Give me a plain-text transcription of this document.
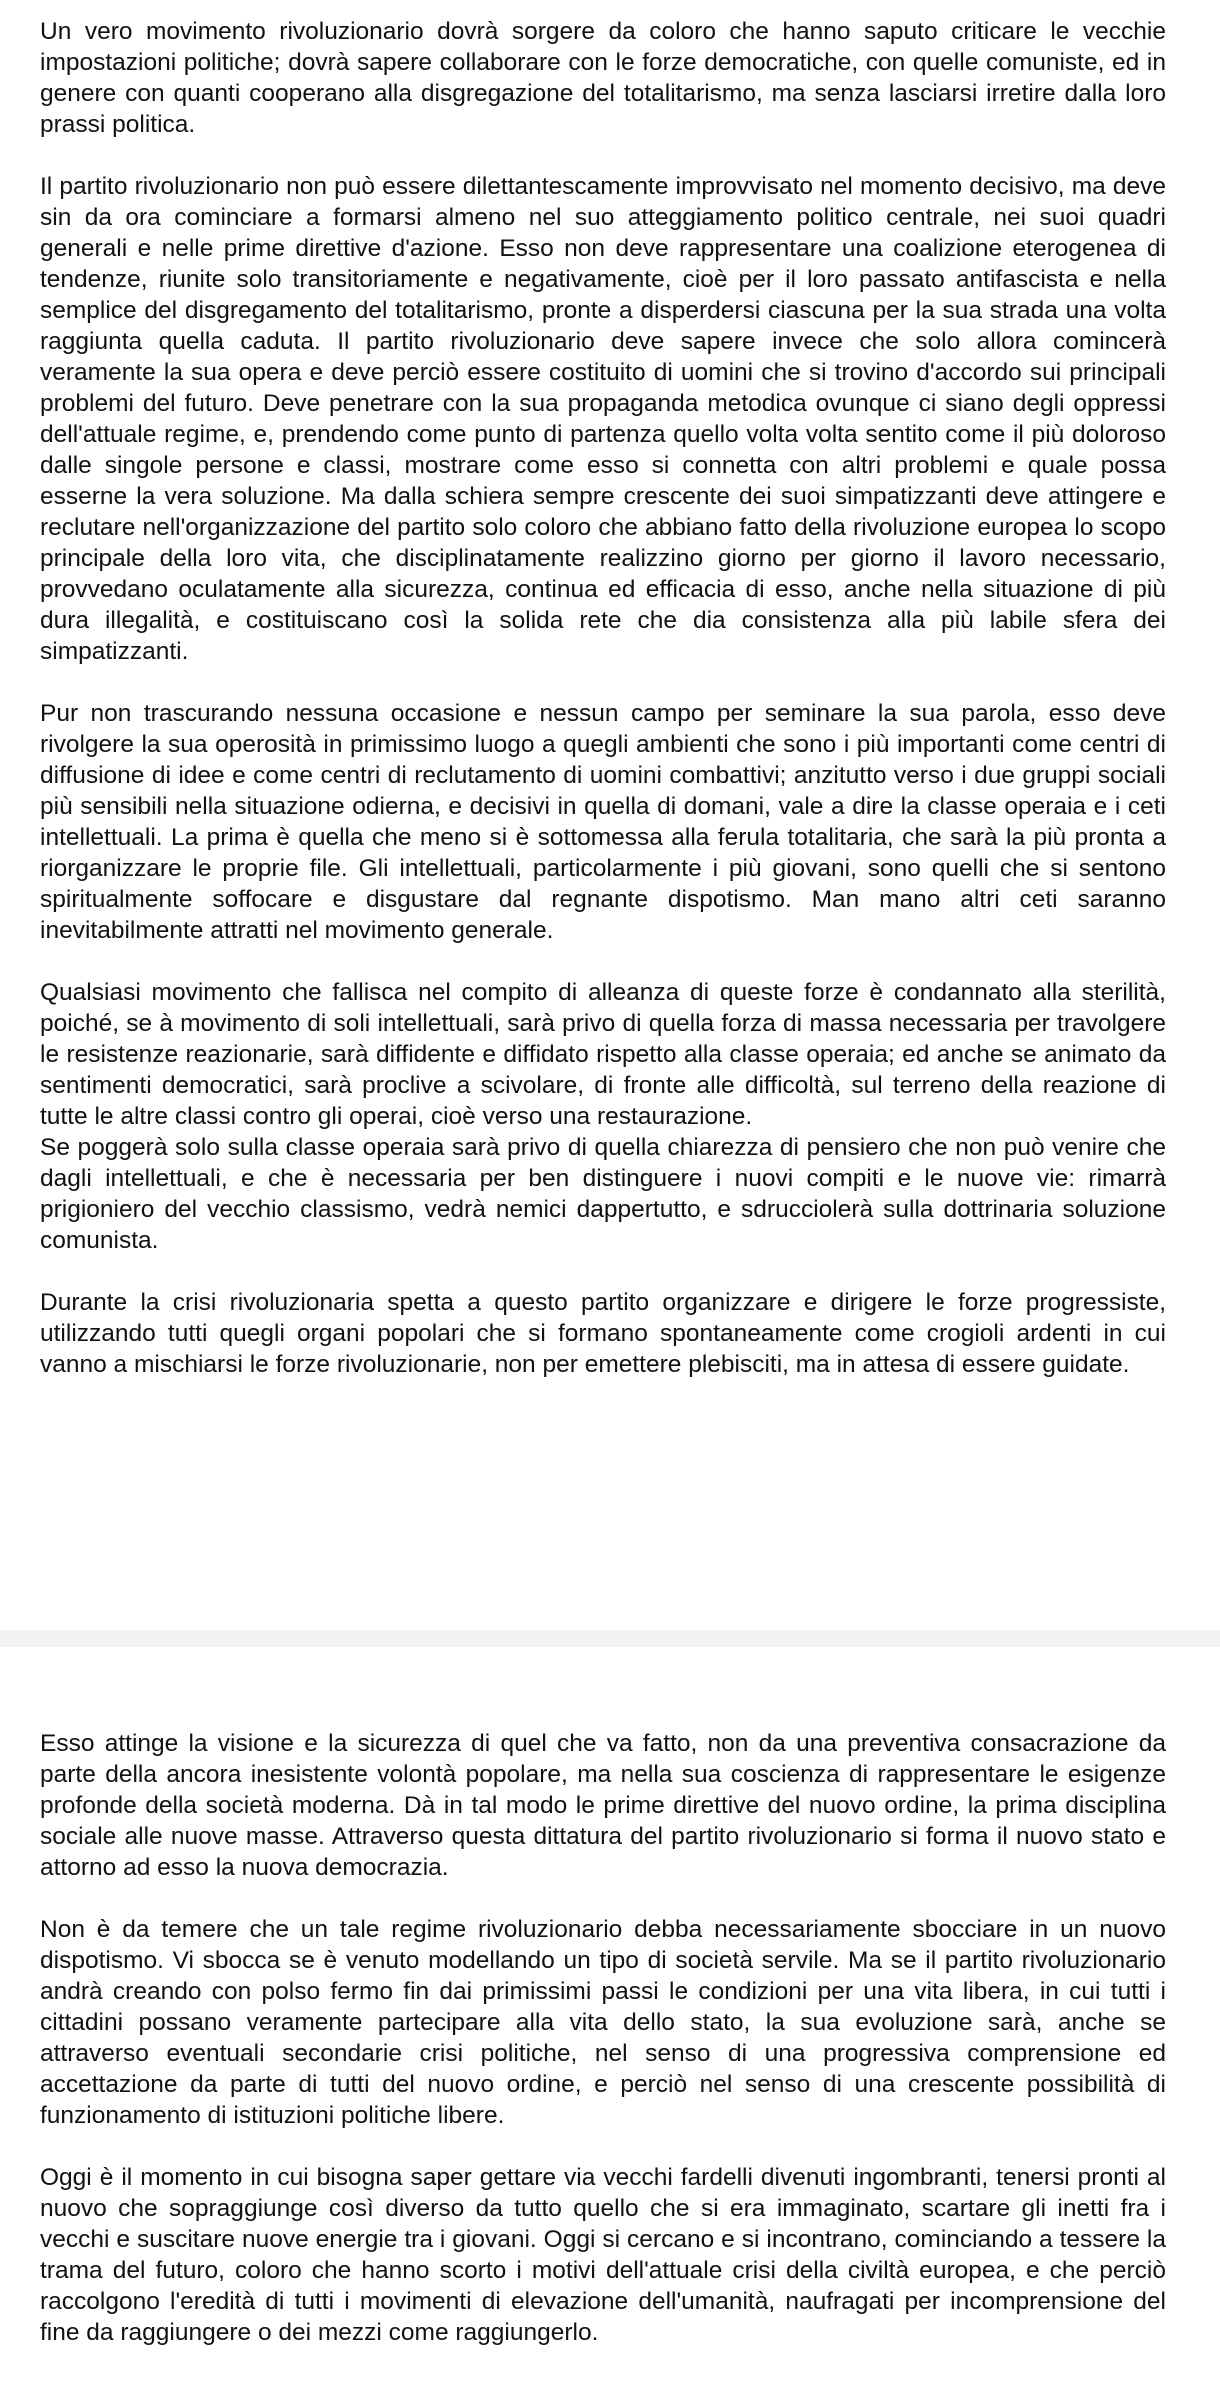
Un vero movimento rivoluzionario dovrà sorgere da coloro che hanno saputo criticare le vecchie impostazioni politiche; dovrà sapere collaborare con le forze democratiche, con quelle comuniste, ed in genere con quanti cooperano alla disgregazione del totalitarismo, ma senza lasciarsi irretire dalla loro prassi politica.

Il partito rivoluzionario non può essere dilettantescamente improvvisato nel momento decisivo, ma deve sin da ora cominciare a formarsi almeno nel suo atteggiamento politico centrale, nei suoi quadri generali e nelle prime direttive d'azione. Esso non deve rappresentare una coalizione eterogenea di tendenze, riunite solo transitoriamente e negativamente, cioè per il loro passato antifascista e nella semplice del disgregamento del totalitarismo, pronte a disperdersi ciascuna per la sua strada una volta raggiunta quella caduta. Il partito rivoluzionario deve sapere invece che solo allora comincerà veramente la sua opera e deve perciò essere costituito di uomini che si trovino d'accordo sui principali problemi del futuro. Deve penetrare con la sua propaganda metodica ovunque ci siano degli oppressi dell'attuale regime, e, prendendo come punto di partenza quello volta volta sentito come il più doloroso dalle singole persone e classi, mostrare come esso si connetta con altri problemi e quale possa esserne la vera soluzione. Ma dalla schiera sempre crescente dei suoi simpatizzanti deve attingere e reclutare nell'organizzazione del partito solo coloro che abbiano fatto della rivoluzione europea lo scopo principale della loro vita, che disciplinatamente realizzino giorno per giorno il lavoro necessario, provvedano oculatamente alla sicurezza, continua ed efficacia di esso, anche nella situazione di più dura illegalità, e costituiscano così la solida rete che dia consistenza alla più labile sfera dei simpatizzanti.

Pur non trascurando nessuna occasione e nessun campo per seminare la sua parola, esso deve rivolgere la sua operosità in primissimo luogo a quegli ambienti che sono i più importanti come centri di diffusione di idee e come centri di reclutamento di uomini combattivi; anzitutto verso i due gruppi sociali più sensibili nella situazione odierna, e decisivi in quella di domani, vale a dire la classe operaia e i ceti intellettuali. La prima è quella che meno si è sottomessa alla ferula totalitaria, che sarà la più pronta a riorganizzare le proprie file. Gli intellettuali, particolarmente i più giovani, sono quelli che si sentono spiritualmente soffocare e disgustare dal regnante dispotismo. Man mano altri ceti saranno inevitabilmente attratti nel movimento generale.

Qualsiasi movimento che fallisca nel compito di alleanza di queste forze è condannato alla sterilità, poiché, se à movimento di soli intellettuali, sarà privo di quella forza di massa necessaria per travolgere le resistenze reazionarie, sarà diffidente e diffidato rispetto alla classe operaia; ed anche se animato da sentimenti democratici, sarà proclive a scivolare, di fronte alle difficoltà, sul terreno della reazione di tutte le altre classi contro gli operai, cioè verso una restaurazione.

Se poggerà solo sulla classe operaia sarà privo di quella chiarezza di pensiero che non può venire che dagli intellettuali, e che è necessaria per ben distinguere i nuovi compiti e le nuove vie: rimarrà prigioniero del vecchio classismo, vedrà nemici dappertutto, e sdrucciolerà sulla dottrinaria soluzione comunista.

Durante la crisi rivoluzionaria spetta a questo partito organizzare e dirigere le forze progressiste, utilizzando tutti quegli organi popolari che si formano spontaneamente come crogioli ardenti in cui vanno a mischiarsi le forze rivoluzionarie, non per emettere plebisciti, ma in attesa di essere guidate.

Esso attinge la visione e la sicurezza di quel che va fatto, non da una preventiva consacrazione da parte della ancora inesistente volontà popolare, ma nella sua coscienza di rappresentare le esigenze profonde della società moderna. Dà in tal modo le prime direttive del nuovo ordine, la prima disciplina sociale alle nuove masse. Attraverso questa dittatura del partito rivoluzionario si forma il nuovo stato e attorno ad esso la nuova democrazia.

Non è da temere che un tale regime rivoluzionario debba necessariamente sbocciare in un nuovo dispotismo. Vi sbocca se è venuto modellando un tipo di società servile. Ma se il partito rivoluzionario andrà creando con polso fermo fin dai primissimi passi le condizioni per una vita libera, in cui tutti i cittadini possano veramente partecipare alla vita dello stato, la sua evoluzione sarà, anche se attraverso eventuali secondarie crisi politiche, nel senso di una progressiva comprensione ed accettazione da parte di tutti del nuovo ordine, e perciò nel senso di una crescente possibilità di funzionamento di istituzioni politiche libere.

Oggi è il momento in cui bisogna saper gettare via vecchi fardelli divenuti ingombranti, tenersi pronti al nuovo che sopraggiunge così diverso da tutto quello che si era immaginato, scartare gli inetti fra i vecchi e suscitare nuove energie tra i giovani. Oggi si cercano e si incontrano, cominciando a tessere la trama del futuro, coloro che hanno scorto i motivi dell'attuale crisi della civiltà europea, e che perciò raccolgono l'eredità di tutti i movimenti di elevazione dell'umanità, naufragati per incomprensione del fine da raggiungere o dei mezzi come raggiungerlo.
